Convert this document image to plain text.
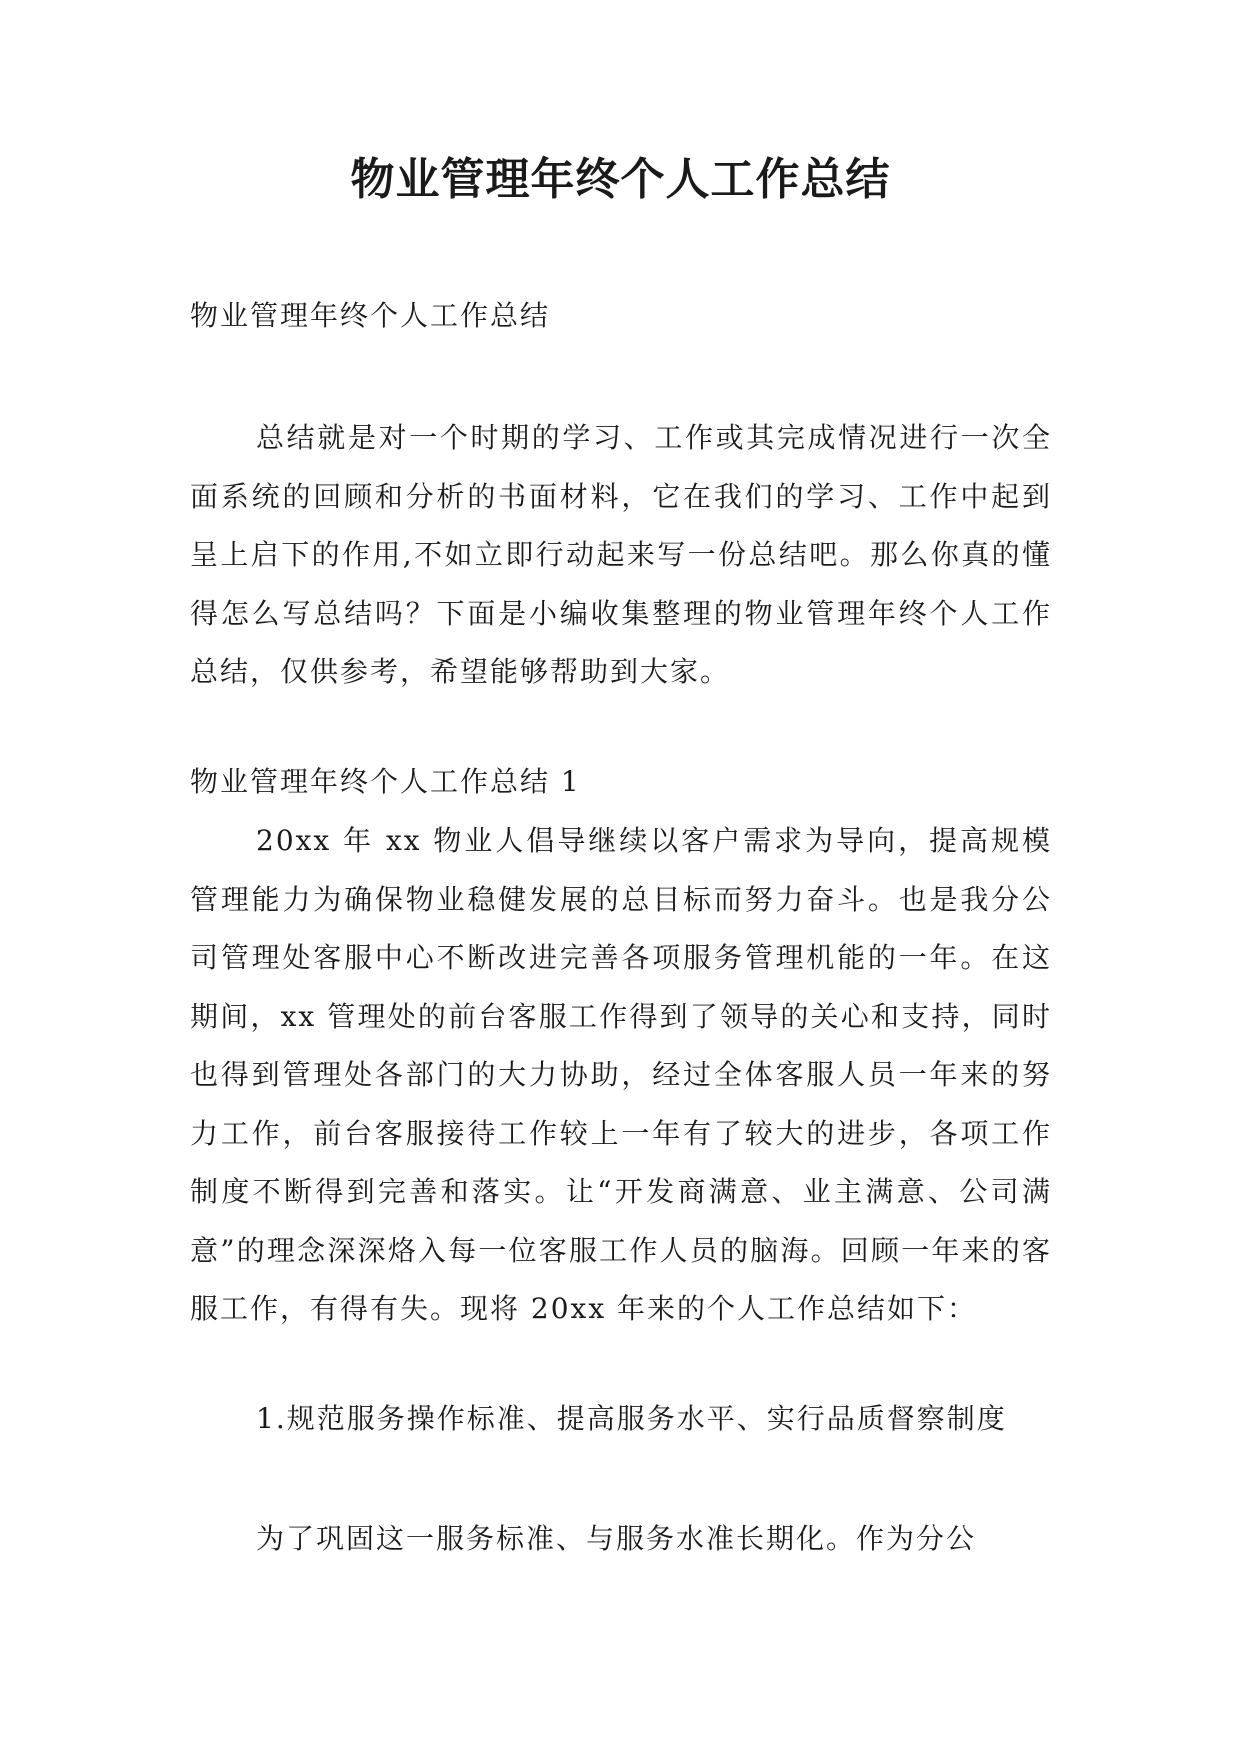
物业管理年终个人工作总结

物业管理年终个人工作总结

总结就是对一个时期的学习、工作或其完成情况进行一次全面系统的回顾和分析的书面材料，它在我们的学习、工作中起到呈上启下的作用,不如立即行动起来写一份总结吧。那么你真的懂得怎么写总结吗？下面是小编收集整理的物业管理年终个人工作总结，仅供参考，希望能够帮助到大家。

物业管理年终个人工作总结 1

20xx 年 xx 物业人倡导继续以客户需求为导向，提高规模管理能力为确保物业稳健发展的总目标而努力奋斗。也是我分公司管理处客服中心不断改进完善各项服务管理机能的一年。在这期间，xx 管理处的前台客服工作得到了领导的关心和支持，同时也得到管理处各部门的大力协助，经过全体客服人员一年来的努力工作，前台客服接待工作较上一年有了较大的进步，各项工作制度不断得到完善和落实。让“开发商满意、业主满意、公司满意”的理念深深烙入每一位客服工作人员的脑海。回顾一年来的客服工作，有得有失。现将 20xx 年来的个人工作总结如下：

1.规范服务操作标准、提高服务水平、实行品质督察制度

为了巩固这一服务标准、与服务水准长期化。作为分公
